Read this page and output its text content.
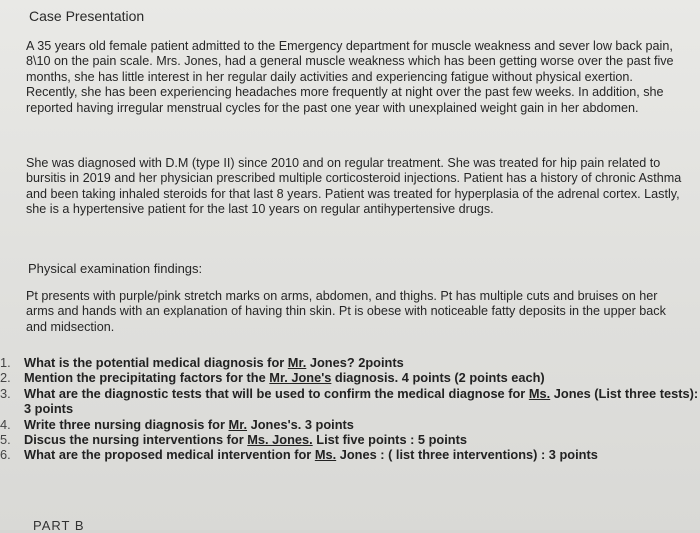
Case Presentation

A 35 years old female patient admitted to the Emergency department for muscle weakness and sever low back pain, 8\10 on the pain scale. Mrs. Jones, had a general muscle weakness which has been getting worse over the past five months, she has little interest in her regular daily activities and experiencing fatigue without physical exertion. Recently, she has been experiencing headaches more frequently at night over the past few weeks. In addition, she reported having irregular menstrual cycles for the past one year with unexplained weight gain in her abdomen.

She was diagnosed with D.M (type II) since 2010 and on regular treatment. She was treated for hip pain related to bursitis in 2019 and her physician prescribed multiple corticosteroid injections. Patient has a history of chronic Asthma and been taking inhaled steroids for that last 8 years. Patient was treated for hyperplasia of the adrenal cortex. Lastly, she is a hypertensive patient for the last 10 years on regular antihypertensive drugs.

Physical examination findings:

Pt presents with purple/pink stretch marks on arms, abdomen, and thighs. Pt has multiple cuts and bruises on her arms and hands with an explanation of having thin skin. Pt is obese with noticeable fatty deposits in the upper back and midsection.

1. What is the potential medical diagnosis for Mr. Jones? 2points
2. Mention the precipitating factors for the Mr. Jone's diagnosis. 4 points (2 points each)
3. What are the diagnostic tests that will be used to confirm the medical diagnose for Ms. Jones (List three tests): 3 points
4. Write three nursing diagnosis for Mr. Jones's. 3 points
5. Discus the nursing interventions for Ms. Jones. List five points : 5 points
6. What are the proposed medical intervention for Ms. Jones : ( list three interventions) : 3 points
PART B
